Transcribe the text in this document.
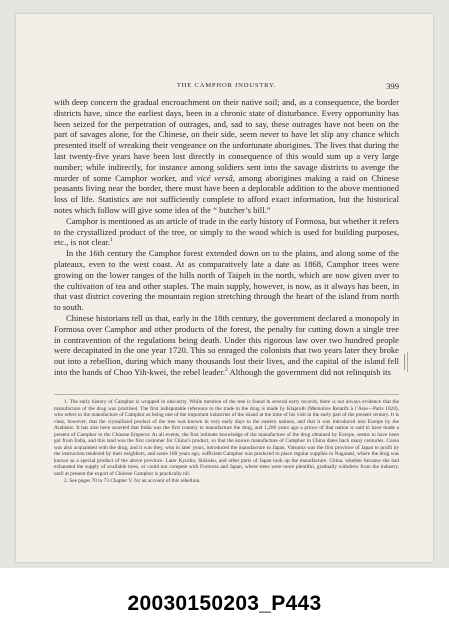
THE CAMPHOR INDUSTRY.	399

with deep concern the gradual encroachment on their native soil; and, as a consequence, the border districts have, since the earliest days, been in a chronic state of disturbance. Every opportunity has been seized for the perpetration of outrages, and, sad to say, these outrages have not been on the part of savages alone, for the Chinese, on their side, seem never to have let slip any chance which presented itself of wreaking their vengeance on the unfortunate aborigines. The lives that during the last twenty-five years have been lost directly in consequence of this would sum up a very large number; while indirectly, for instance among soldiers sent into the savage districts to avenge the murder of some Camphor worker, and vicé versâ, among aborigines making a raid on Chinese peasants living near the border, there must have been a deplorable addition to the above mentioned loss of life. Statistics are not sufficiently complete to afford exact information, but the historical notes which follow will give some idea of the “ butcher’s bill.”

Camphor is mentioned as an article of trade in the early history of Formosa, but whether it refers to the crystallized product of the tree, or simply to the wood which is used for building purposes, etc., is not clear.$^1$

In the 16th century the Camphor forest extended down on to the plains, and along some of the plateaux, even to the west coast. At as comparatively late a date as 1868, Camphor trees were growing on the lower ranges of the hills north of Taipeh in the north, which are now given over to the cultivation of tea and other staples. The main supply, however, is now, as it always has been, in that vast district covering the mountain region stretching through the heart of the island from north to south.

Chinese historians tell us that, early in the 18th century, the government declared a monopoly in Formosa over Camphor and other products of the forest, the penalty for cutting down a single tree in contravention of the regulations being death. Under this rigorous law over two hundred people were decapitated in the one year 1720. This so enraged the colonists that two years later they broke out into a rebellion, during which many thousands lost their lives, and the capital of the island fell into the hands of Choo Yih-kwei, the rebel leader.$^2$ Although the government did not relinquish its

1. The early history of Camphor is wrapped in obscurity. While mention of the tree is found in several early records, there is not always evidence that the manufacture of the drug was practised. The first indisputable reference to the trade in the drug is made by Klaproth (Memoires Relatifs à l’Asie—Paris 1824), who refers to the manufacture of Camphor as being one of the important industries of the island at the time of his visit in the early part of the present century. It is clear, however, that the crystallized product of the tree was known in very early days to the eastern nations, and that it was introduced into Europe by the Arabians. It has also been asserted that India was the first country to manufacture the drug, and 1,200 years ago a prince of that nation is said to have made a present of Camphor to the Chinese Emperor. At all events, the first intimate knowledge of the manufacture of the drug obtained by Europe, seems to have been got from India, and this land was the first customer for China’s product, so that the known manufacture of Camphor in China dates back many centuries. Corea was also acquainted with the drug, and it was they, who in later years, introduced the manufacture to Japan. Vatsuma was the first province of Japan to profit by the instruction tendered by their neighbors, and some 180 years ago, sufficient Camphor was produced to place regular supplies in Nagasaki, where the drug was known as a special product of the above province. Later Kyushu, Shikoku, and other parts of Japan took up the manufacture. China, whether because she had exhausted the supply of available trees, or could not compete with Formosa and Japan, where trees were more plentiful, gradually withdrew from the industry, until at present the export of Chinese Camphor is practically nil.

2. See pages 70 to 73 Chapter V. for an account of this rebellion.

20030150203_P443
